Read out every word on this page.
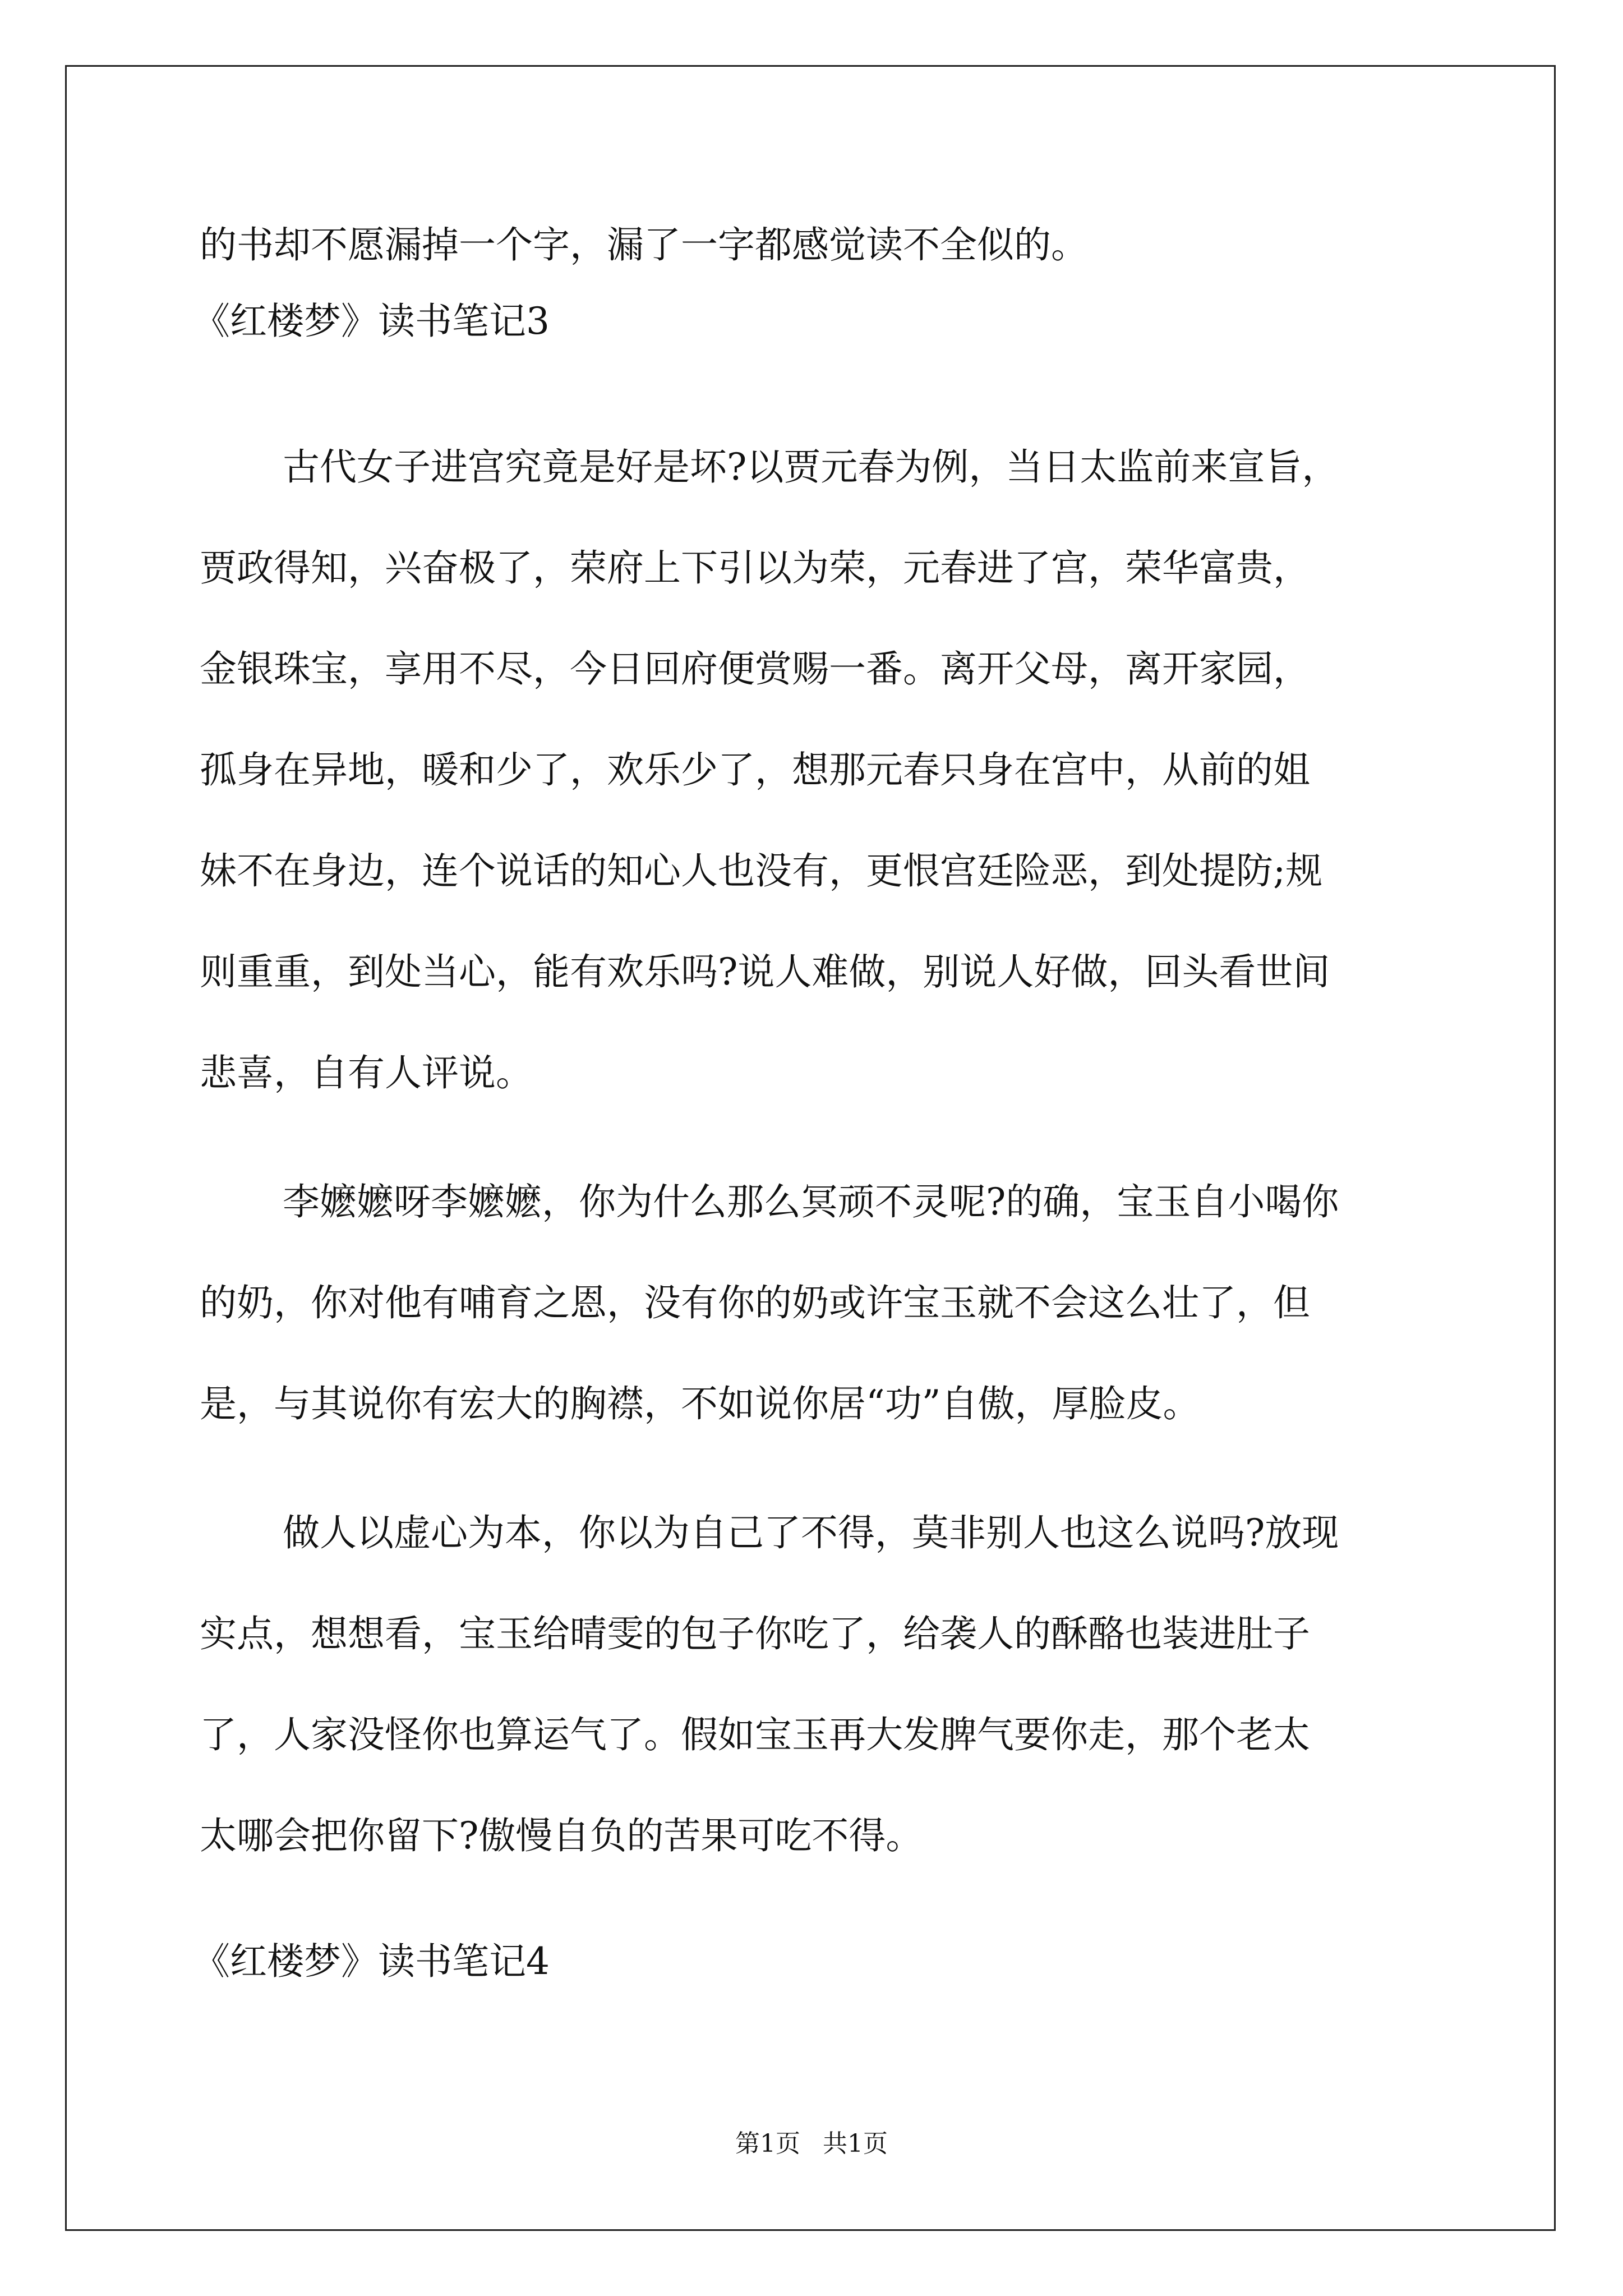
的书却不愿漏掉一个字，漏了一字都感觉读不全似的。
《红楼梦》读书笔记3
古代女子进宫究竟是好是坏?以贾元春为例，当日太监前来宣旨，
贾政得知，兴奋极了，荣府上下引以为荣，元春进了宫，荣华富贵，
金银珠宝，享用不尽，今日回府便赏赐一番。离开父母，离开家园，
孤身在异地，暖和少了，欢乐少了，想那元春只身在宫中，从前的姐
妹不在身边，连个说话的知心人也没有，更恨宫廷险恶，到处提防;规
则重重，到处当心，能有欢乐吗?说人难做，别说人好做，回头看世间
悲喜，自有人评说。
李嬷嬷呀李嬷嬷，你为什么那么冥顽不灵呢?的确，宝玉自小喝你
的奶，你对他有哺育之恩，没有你的奶或许宝玉就不会这么壮了，但
是，与其说你有宏大的胸襟，不如说你居“功”自傲，厚脸皮。
做人以虚心为本，你以为自己了不得，莫非别人也这么说吗?放现
实点，想想看，宝玉给晴雯的包子你吃了，给袭人的酥酪也装进肚子
了，人家没怪你也算运气了。假如宝玉再大发脾气要你走，那个老太
太哪会把你留下?傲慢自负的苦果可吃不得。
《红楼梦》读书笔记4
第1页 共1页
